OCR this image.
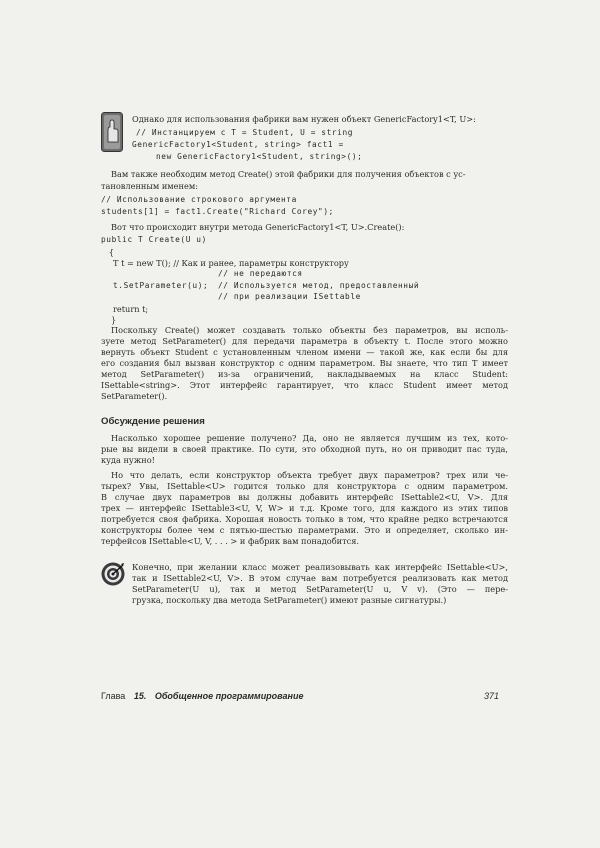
Однако для использования фабрики вам нужен объект GenericFactory1<T, U>:
// Инстанцируем с T = Student, U = string
GenericFactory1<Student, string> fact1 =
new GenericFactory1<Student, string>();
Вам также необходим метод Create() этой фабрики для получения объектов с ус-
тановленным именем:
// Использование строкового аргумента
students[1] = fact1.Create("Richard Corey");
Вот что происходит внутри метода GenericFactory1<T, U>.Create():
public T Create(U u)
{
T t = new T(); // Как и ранее, параметры конструктору
// не передаются
t.SetParameter(u); // Используется метод, предоставленный
// при реализации ISettable
return t;
}
Поскольку Create() может создавать только объекты без параметров, вы исполь-
зуете метод SetParameter() для передачи параметра в объекту t. После этого можно
вернуть объект Student с установленным членом имени — такой же, как если бы для
его создания был вызван конструктор с одним параметром. Вы знаете, что тип T имеет
метод SetParameter() из-за ограничений, накладываемых на класс Student:
ISettable<string>. Этот интерфейс гарантирует, что класс Student имеет метод
SetParameter().
Обсуждение решения
Насколько хорошее решение получено? Да, оно не является лучшим из тех, кото-
рые вы видели в своей практике. По сути, это обходной путь, но он приводит пас туда,
куда нужно!
Но что делать, если конструктор объекта требует двух параметров? трех или че-
тырех? Увы, ISettable<U> годится только для конструктора с одним параметром.
В случае двух параметров вы должны добавить интерфейс ISettable2<U, V>. Для
трех — интерфейс ISettable3<U, V, W> и т.д. Кроме того, для каждого из этих типов
потребуется своя фабрика. Хорошая новость только в том, что крайне редко встречаются
конструкторы более чем с пятью-шестью параметрами. Это и определяет, сколько ин-
терфейсов ISettable<U, V, . . . > и фабрик вам понадобится.
Конечно, при желании класс может реализовывать как интерфейс ISettable<U>,
так и ISettable2<U, V>. В этом случае вам потребуется реализовать как метод
SetParameter(U u), так и метод SetParameter(U u, V v). (Это — пере-
грузка, поскольку два метода SetParameter() имеют разные сигнатуры.)
Глава 15. Обобщенное программирование	371
